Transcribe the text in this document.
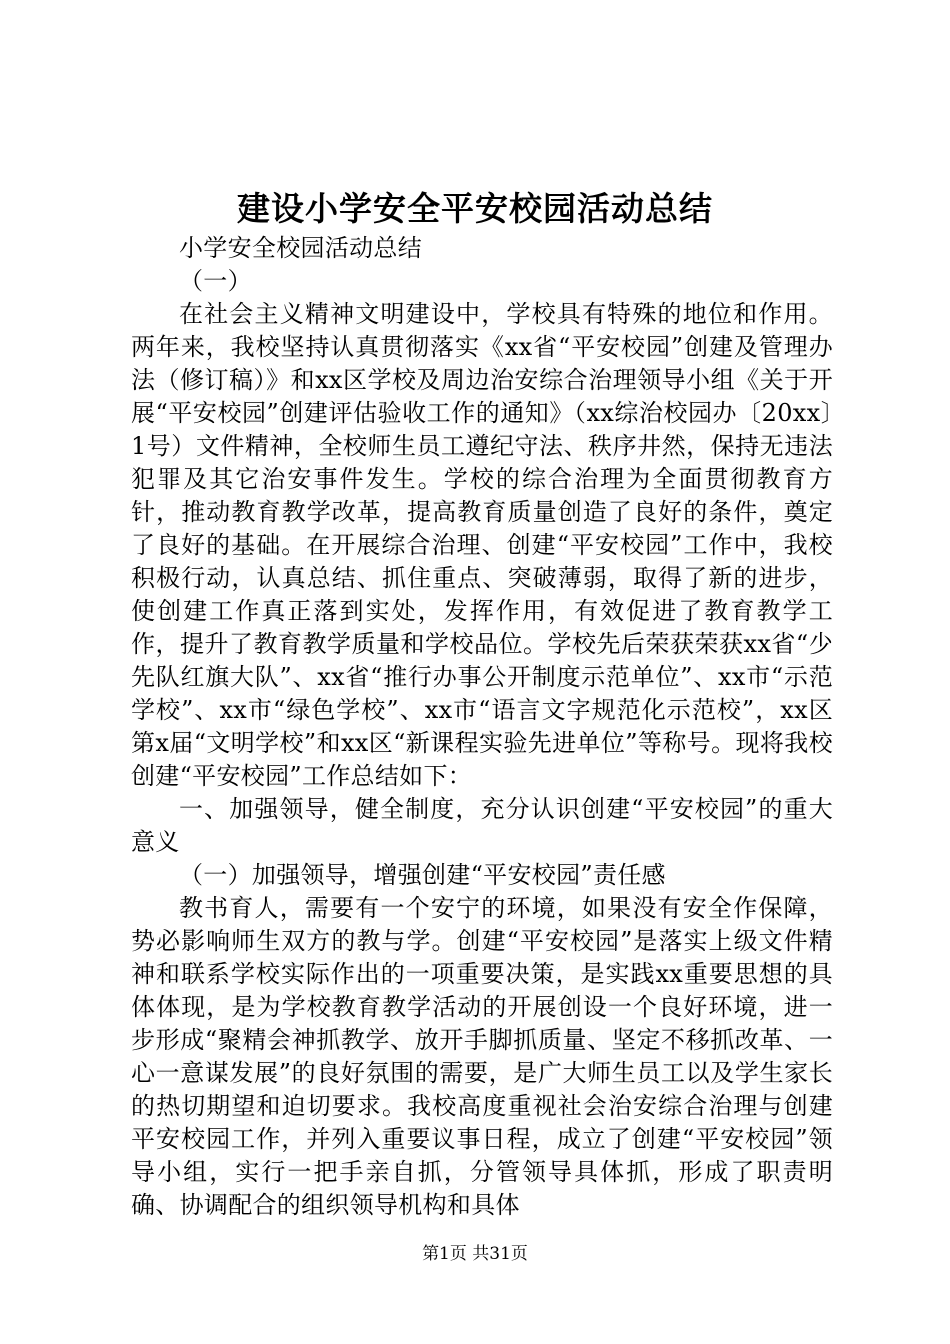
建设小学安全平安校园活动总结

小学安全校园活动总结

（一）

在社会主义精神文明建设中，学校具有特殊的地位和作用。两年来，我校坚持认真贯彻落实《xx省“平安校园”创建及管理办法（修订稿）》和xx区学校及周边治安综合治理领导小组《关于开展“平安校园”创建评估验收工作的通知》（xx综治校园办〔20xx〕1号）文件精神，全校师生员工遵纪守法、秩序井然，保持无违法犯罪及其它治安事件发生。学校的综合治理为全面贯彻教育方针，推动教育教学改革，提高教育质量创造了良好的条件，奠定了良好的基础。在开展综合治理、创建“平安校园”工作中，我校积极行动，认真总结、抓住重点、突破薄弱，取得了新的进步，使创建工作真正落到实处，发挥作用，有效促进了教育教学工作，提升了教育教学质量和学校品位。学校先后荣获荣获xx省“少先队红旗大队”、xx省“推行办事公开制度示范单位”、xx市“示范学校”、xx市“绿色学校”、xx市“语言文字规范化示范校”，xx区第x届“文明学校”和xx区“新课程实验先进单位”等称号。现将我校创建“平安校园”工作总结如下：

一、加强领导，健全制度，充分认识创建“平安校园”的重大意义

（一）加强领导，增强创建“平安校园”责任感

教书育人，需要有一个安宁的环境，如果没有安全作保障，势必影响师生双方的教与学。创建“平安校园”是落实上级文件精神和联系学校实际作出的一项重要决策，是实践xx重要思想的具体体现，是为学校教育教学活动的开展创设一个良好环境，进一步形成“聚精会神抓教学、放开手脚抓质量、坚定不移抓改革、一心一意谋发展”的良好氛围的需要，是广大师生员工以及学生家长的热切期望和迫切要求。我校高度重视社会治安综合治理与创建平安校园工作，并列入重要议事日程，成立了创建“平安校园”领导小组，实行一把手亲自抓，分管领导具体抓，形成了职责明确、协调配合的组织领导机构和具体

第1页 共31页
